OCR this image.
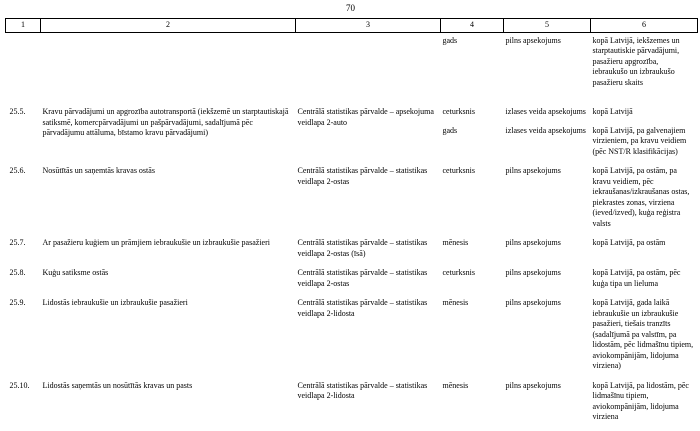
70
1	2	3	4	5	6
			gads	pilns apsekojums	kopā Latvijā, iekšzemes un starptautiskie pārvadājumi, pasažieru apgrozība, iebraukušo un izbraukušo pasažieru skaits
25.5.	Kravu pārvadājumi un apgrozība autotransportā (iekšzemē un starptautiskajā satiksmē, komercpārvadājumi un pašpārvadājumi, sadalījumā pēc pārvadājumu attāluma, bīstamo kravu pārvadājumi)	Centrālā statistikas pārvalde – apsekojuma veidlapa 2-auto	ceturksnis	izlases veida apsekojums	kopā Latvijā
			gads	izlases veida apsekojums	kopā Latvijā, pa galvenajiem virzieniem, pa kravu veidiem (pēc NST/R klasifikācijas)
25.6.	Nosūtītās un saņemtās kravas ostās	Centrālā statistikas pārvalde – statistikas veidlapa 2-ostas	ceturksnis	pilns apsekojums	kopā Latvijā, pa ostām, pa kravu veidiem, pēc iekraušanas/izkraušanas ostas, piekrastes zonas, virziena (ieved/izved), kuģa reģistra valsts
25.7.	Ar pasažieru kuģiem un prāmjiem iebraukušie un izbraukušie pasažieri	Centrālā statistikas pārvalde – statistikas veidlapa 2-ostas (īsā)	mēnesis	pilns apsekojums	kopā Latvijā, pa ostām
25.8.	Kuģu satiksme ostās	Centrālā statistikas pārvalde – statistikas veidlapa 2-ostas	ceturksnis	pilns apsekojums	kopā Latvijā, pa ostām, pēc kuģa tipa un lieluma
25.9.	Lidostās iebraukušie un izbraukušie pasažieri	Centrālā statistikas pārvalde – statistikas veidlapa 2-lidosta	mēnesis	pilns apsekojums	kopā Latvijā, gada laikā iebraukušie un izbraukušie pasažieri, tiešais tranzīts (sadalījumā pa valstīm, pa lidostām, pēc lidmašīnu tipiem, aviokompānijām, lidojuma virziena)
25.10.	Lidostās saņemtās un nosūtītās kravas un pasts	Centrālā statistikas pārvalde – statistikas veidlapa 2-lidosta	mēnesis	pilns apsekojums	kopā Latvijā, pa lidostām, pēc lidmašīnu tipiem, aviokompānijām, lidojuma virziena
